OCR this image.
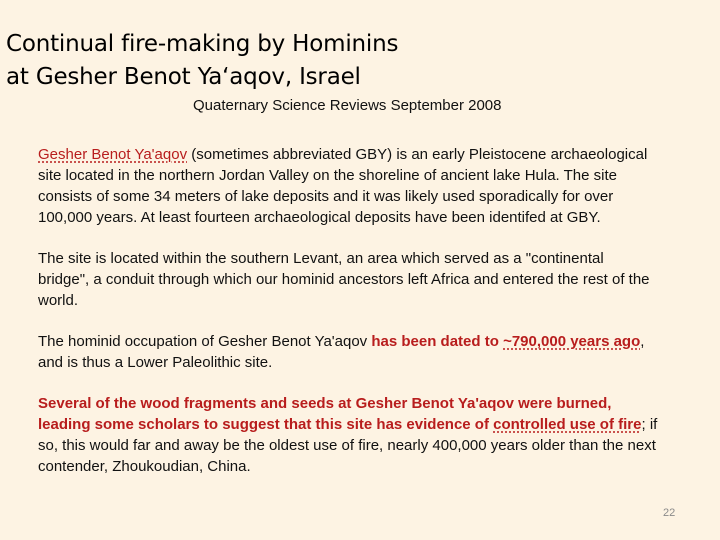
Continual fire-making by Hominins
at Gesher Benot Ya‘aqov, Israel
Quaternary Science Reviews September 2008

Gesher Benot Ya'aqov (sometimes abbreviated GBY) is an early Pleistocene archaeological site located in the northern Jordan Valley on the shoreline of ancient lake Hula. The site consists of some 34 meters of lake deposits and it was likely used sporadically for over 100,000 years. At least fourteen archaeological deposits have been identifed at GBY.

The site is located within the southern Levant, an area which served as a "continental bridge", a conduit through which our hominid ancestors left Africa and entered the rest of the world.

The hominid occupation of Gesher Benot Ya'aqov has been dated to ~790,000 years ago, and is thus a Lower Paleolithic site.

Several of the wood fragments and seeds at Gesher Benot Ya'aqov were burned, leading some scholars to suggest that this site has evidence of controlled use of fire; if so, this would far and away be the oldest use of fire, nearly 400,000 years older than the next contender, Zhoukoudian, China.

22
